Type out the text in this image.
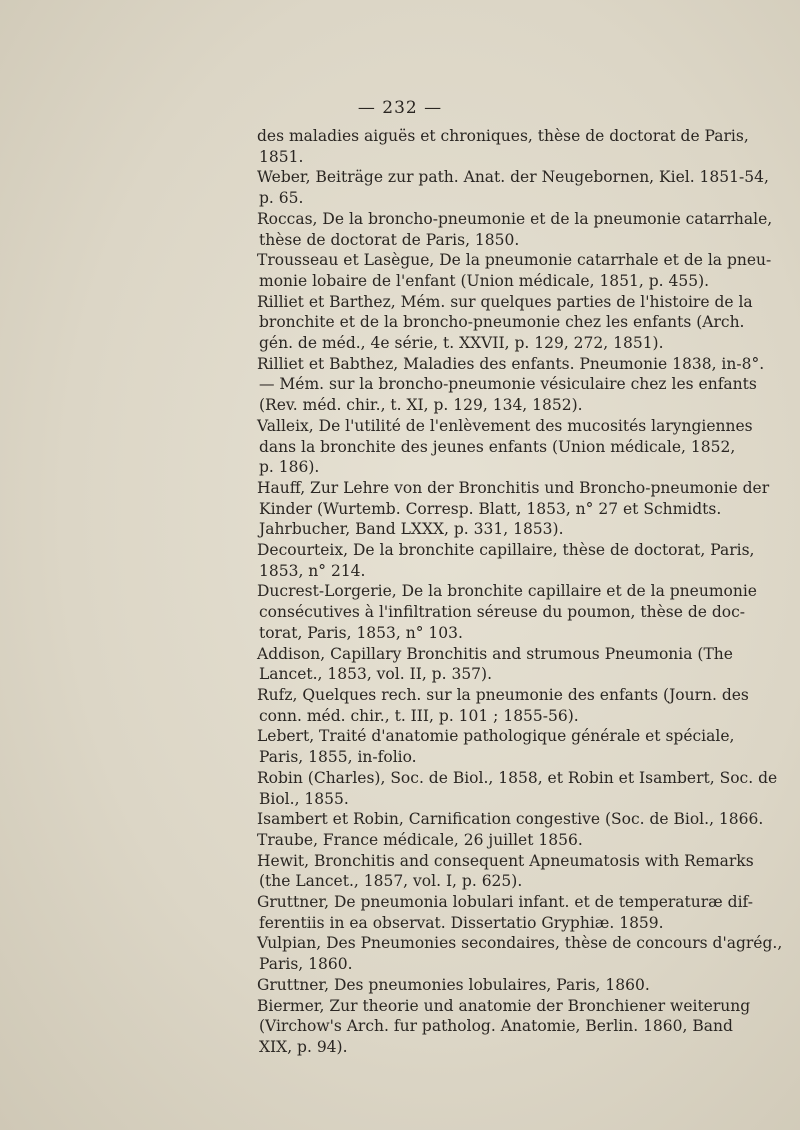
— 232 —
des maladies aiguës et chroniques, thèse de doctorat de Paris,
1851.
Weber, Beiträge zur path. Anat. der Neugebornen, Kiel. 1851-54,
p. 65.
Roccas, De la broncho-pneumonie et de la pneumonie catarrhale,
thèse de doctorat de Paris, 1850.
Trousseau et Lasègue, De la pneumonie catarrhale et de la pneu-
monie lobaire de l'enfant (Union médicale, 1851, p. 455).
Rilliet et Barthez, Mém. sur quelques parties de l'histoire de la
bronchite et de la broncho-pneumonie chez les enfants (Arch.
gén. de méd., 4e série, t. XXVII, p. 129, 272, 1851).
Rilliet et Babthez, Maladies des enfants. Pneumonie 1838, in-8°.
— Mém. sur la broncho-pneumonie vésiculaire chez les enfants
(Rev. méd. chir., t. XI, p. 129, 134, 1852).
Valleix, De l'utilité de l'enlèvement des mucosités laryngiennes
dans la bronchite des jeunes enfants (Union médicale, 1852,
p. 186).
Hauff, Zur Lehre von der Bronchitis und Broncho-pneumonie der
Kinder (Wurtemb. Corresp. Blatt, 1853, n° 27 et Schmidts.
Jahrbucher, Band LXXX, p. 331, 1853).
Decourteix, De la bronchite capillaire, thèse de doctorat, Paris,
1853, n° 214.
Ducrest-Lorgerie, De la bronchite capillaire et de la pneumonie
consécutives à l'infiltration séreuse du poumon, thèse de doc-
torat, Paris, 1853, n° 103.
Addison, Capillary Bronchitis and strumous Pneumonia (The
Lancet., 1853, vol. II, p. 357).
Rufz, Quelques rech. sur la pneumonie des enfants (Journ. des
conn. méd. chir., t. III, p. 101 ; 1855-56).
Lebert, Traité d'anatomie pathologique générale et spéciale,
Paris, 1855, in-folio.
Robin (Charles), Soc. de Biol., 1858, et Robin et Isambert, Soc. de
Biol., 1855.
Isambert et Robin, Carnification congestive (Soc. de Biol., 1866.
Traube, France médicale, 26 juillet 1856.
Hewit, Bronchitis and consequent Apneumatosis with Remarks
(the Lancet., 1857, vol. I, p. 625).
Gruttner, De pneumonia lobulari infant. et de temperaturæ dif-
ferentiis in ea observat. Dissertatio Gryphiæ. 1859.
Vulpian, Des Pneumonies secondaires, thèse de concours d'agrég.,
Paris, 1860.
Gruttner, Des pneumonies lobulaires, Paris, 1860.
Biermer, Zur theorie und anatomie der Bronchiener weiterung
(Virchow's Arch. fur patholog. Anatomie, Berlin. 1860, Band
XIX, p. 94).
